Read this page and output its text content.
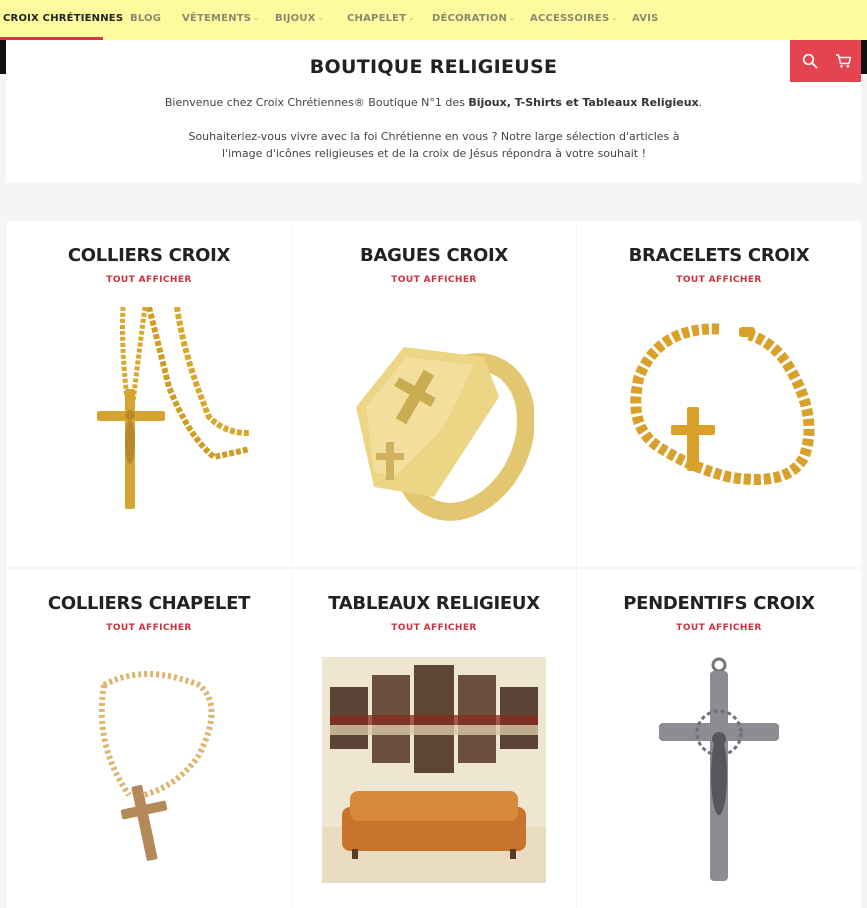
CROIX CHRÉTIENNES BLOG VÊTEMENTS ⌄ BIJOUX ⌄ CHAPELET ⌄ DÉCORATION ⌄ ACCESSOIRES ⌄ AVIS
BOUTIQUE RELIGIEUSE
Bienvenue chez Croix Chrétiennes® Boutique N°1 des Bijoux, T-Shirts et Tableaux Religieux.
Souhaiteriez-vous vivre avec la foi Chrétienne en vous ? Notre large sélection d'articles à l'image d'icônes religieuses et de la croix de Jésus répondra à votre souhait !
COLLIERS CROIX
TOUT AFFICHER
BAGUES CROIX
TOUT AFFICHER
BRACELETS CROIX
TOUT AFFICHER
COLLIERS CHAPELET
TOUT AFFICHER
TABLEAUX RELIGIEUX
TOUT AFFICHER
PENDENTIFS CROIX
TOUT AFFICHER
